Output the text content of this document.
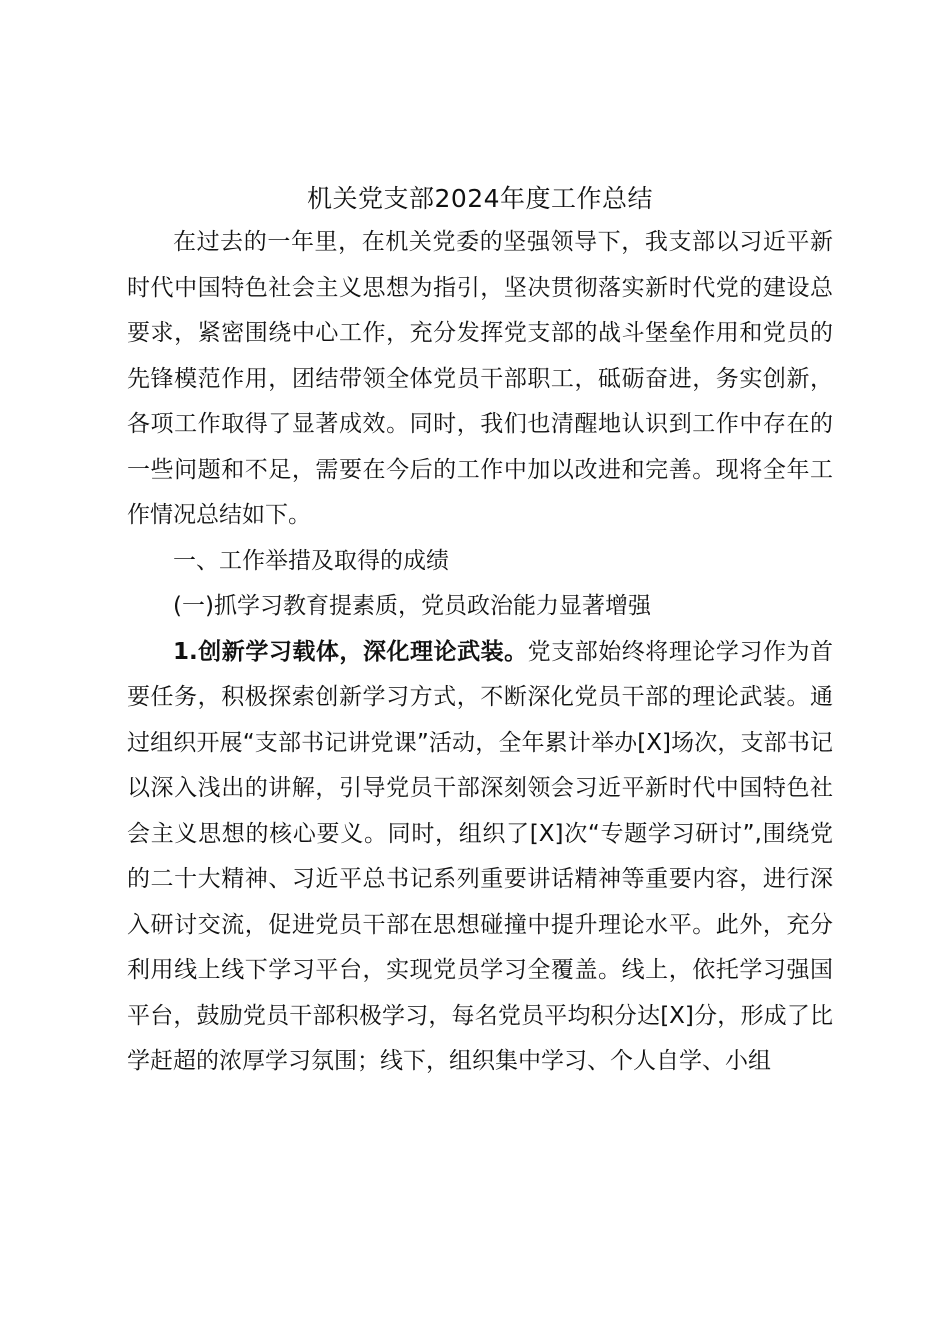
机关党支部2024年度工作总结

在过去的一年里，在机关党委的坚强领导下，我支部以习近平新时代中国特色社会主义思想为指引，坚决贯彻落实新时代党的建设总要求，紧密围绕中心工作，充分发挥党支部的战斗堡垒作用和党员的先锋模范作用，团结带领全体党员干部职工，砥砺奋进，务实创新，各项工作取得了显著成效。同时，我们也清醒地认识到工作中存在的一些问题和不足，需要在今后的工作中加以改进和完善。现将全年工作情况总结如下。

一、工作举措及取得的成绩

(一)抓学习教育提素质，党员政治能力显著增强

1.创新学习载体，深化理论武装。党支部始终将理论学习作为首要任务，积极探索创新学习方式，不断深化党员干部的理论武装。通过组织开展“支部书记讲党课”活动，全年累计举办[X]场次，支部书记以深入浅出的讲解，引导党员干部深刻领会习近平新时代中国特色社会主义思想的核心要义。同时，组织了[X]次“专题学习研讨”,围绕党的二十大精神、习近平总书记系列重要讲话精神等重要内容，进行深入研讨交流，促进党员干部在思想碰撞中提升理论水平。此外，充分利用线上线下学习平台，实现党员学习全覆盖。线上，依托学习强国平台，鼓励党员干部积极学习，每名党员平均积分达[X]分，形成了比学赶超的浓厚学习氛围；线下，组织集中学习、个人自学、小组
